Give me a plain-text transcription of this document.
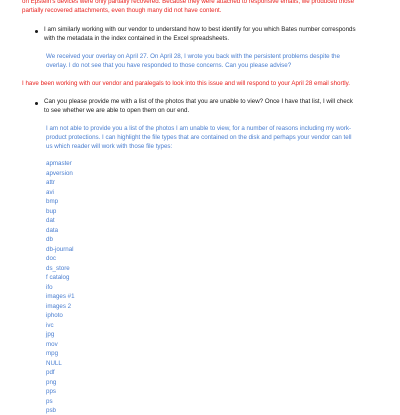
on Epstein's devices were only partially recovered. Because they were attached to responsive emails, we produced those
partially recovered attachments, even though many did not have content.
I am similarly working with our vendor to understand how to best identify for you which Bates number corresponds
with the metadata in the index contained in the Excel spreadsheets.
We received your overlay on April 27. On April 28, I wrote you back with the persistent problems despite the
overlay. I do not see that you have responded to those concerns. Can you please advise?
I have been working with our vendor and paralegals to look into this issue and will respond to your April 28 email shortly.
Can you please provide me with a list of the photos that you are unable to view? Once I have that list, I will check
to see whether we are able to open them on our end.
I am not able to provide you a list of the photos I am unable to view, for a number of reasons including my work-
product protections. I can highlight the file types that are contained on the disk and perhaps your vendor can tell
us which reader will work with those file types:
apmaster
apversion
attr
avi
bmp
bup
dat
data
db
db-journal
doc
ds_store
f catalog
ifo
images #1
images 2
iphoto
ivc
jpg
mov
mpg
NULL
pdf
png
pps
ps
psb
